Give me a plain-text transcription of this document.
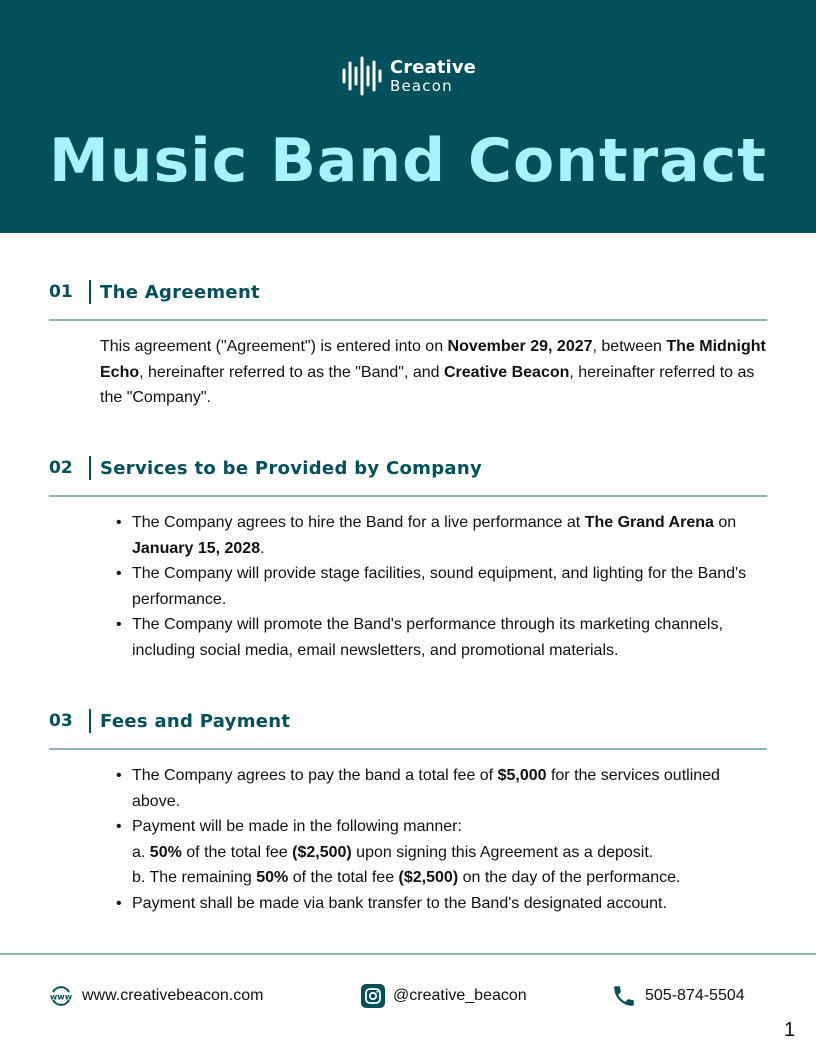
Creative
Beacon
Music Band Contract
01	The Agreement

This agreement ("Agreement") is entered into on November 29, 2027, between The Midnight Echo, hereinafter referred to as the "Band", and Creative Beacon, hereinafter referred to as the "Company".

02	Services to be Provided by Company
• The Company agrees to hire the Band for a live performance at The Grand Arena on January 15, 2028.
• The Company will provide stage facilities, sound equipment, and lighting for the Band's performance.
• The Company will promote the Band's performance through its marketing channels, including social media, email newsletters, and promotional materials.
03	Fees and Payment
• The Company agrees to pay the band a total fee of $5,000 for the services outlined above.
• Payment will be made in the following manner:
a. 50% of the total fee ($2,500) upon signing this Agreement as a deposit.
b. The remaining 50% of the total fee ($2,500) on the day of the performance.
• Payment shall be made via bank transfer to the Band's designated account.
www www.creativebeacon.com	@creative_beacon	505-874-5504
1
